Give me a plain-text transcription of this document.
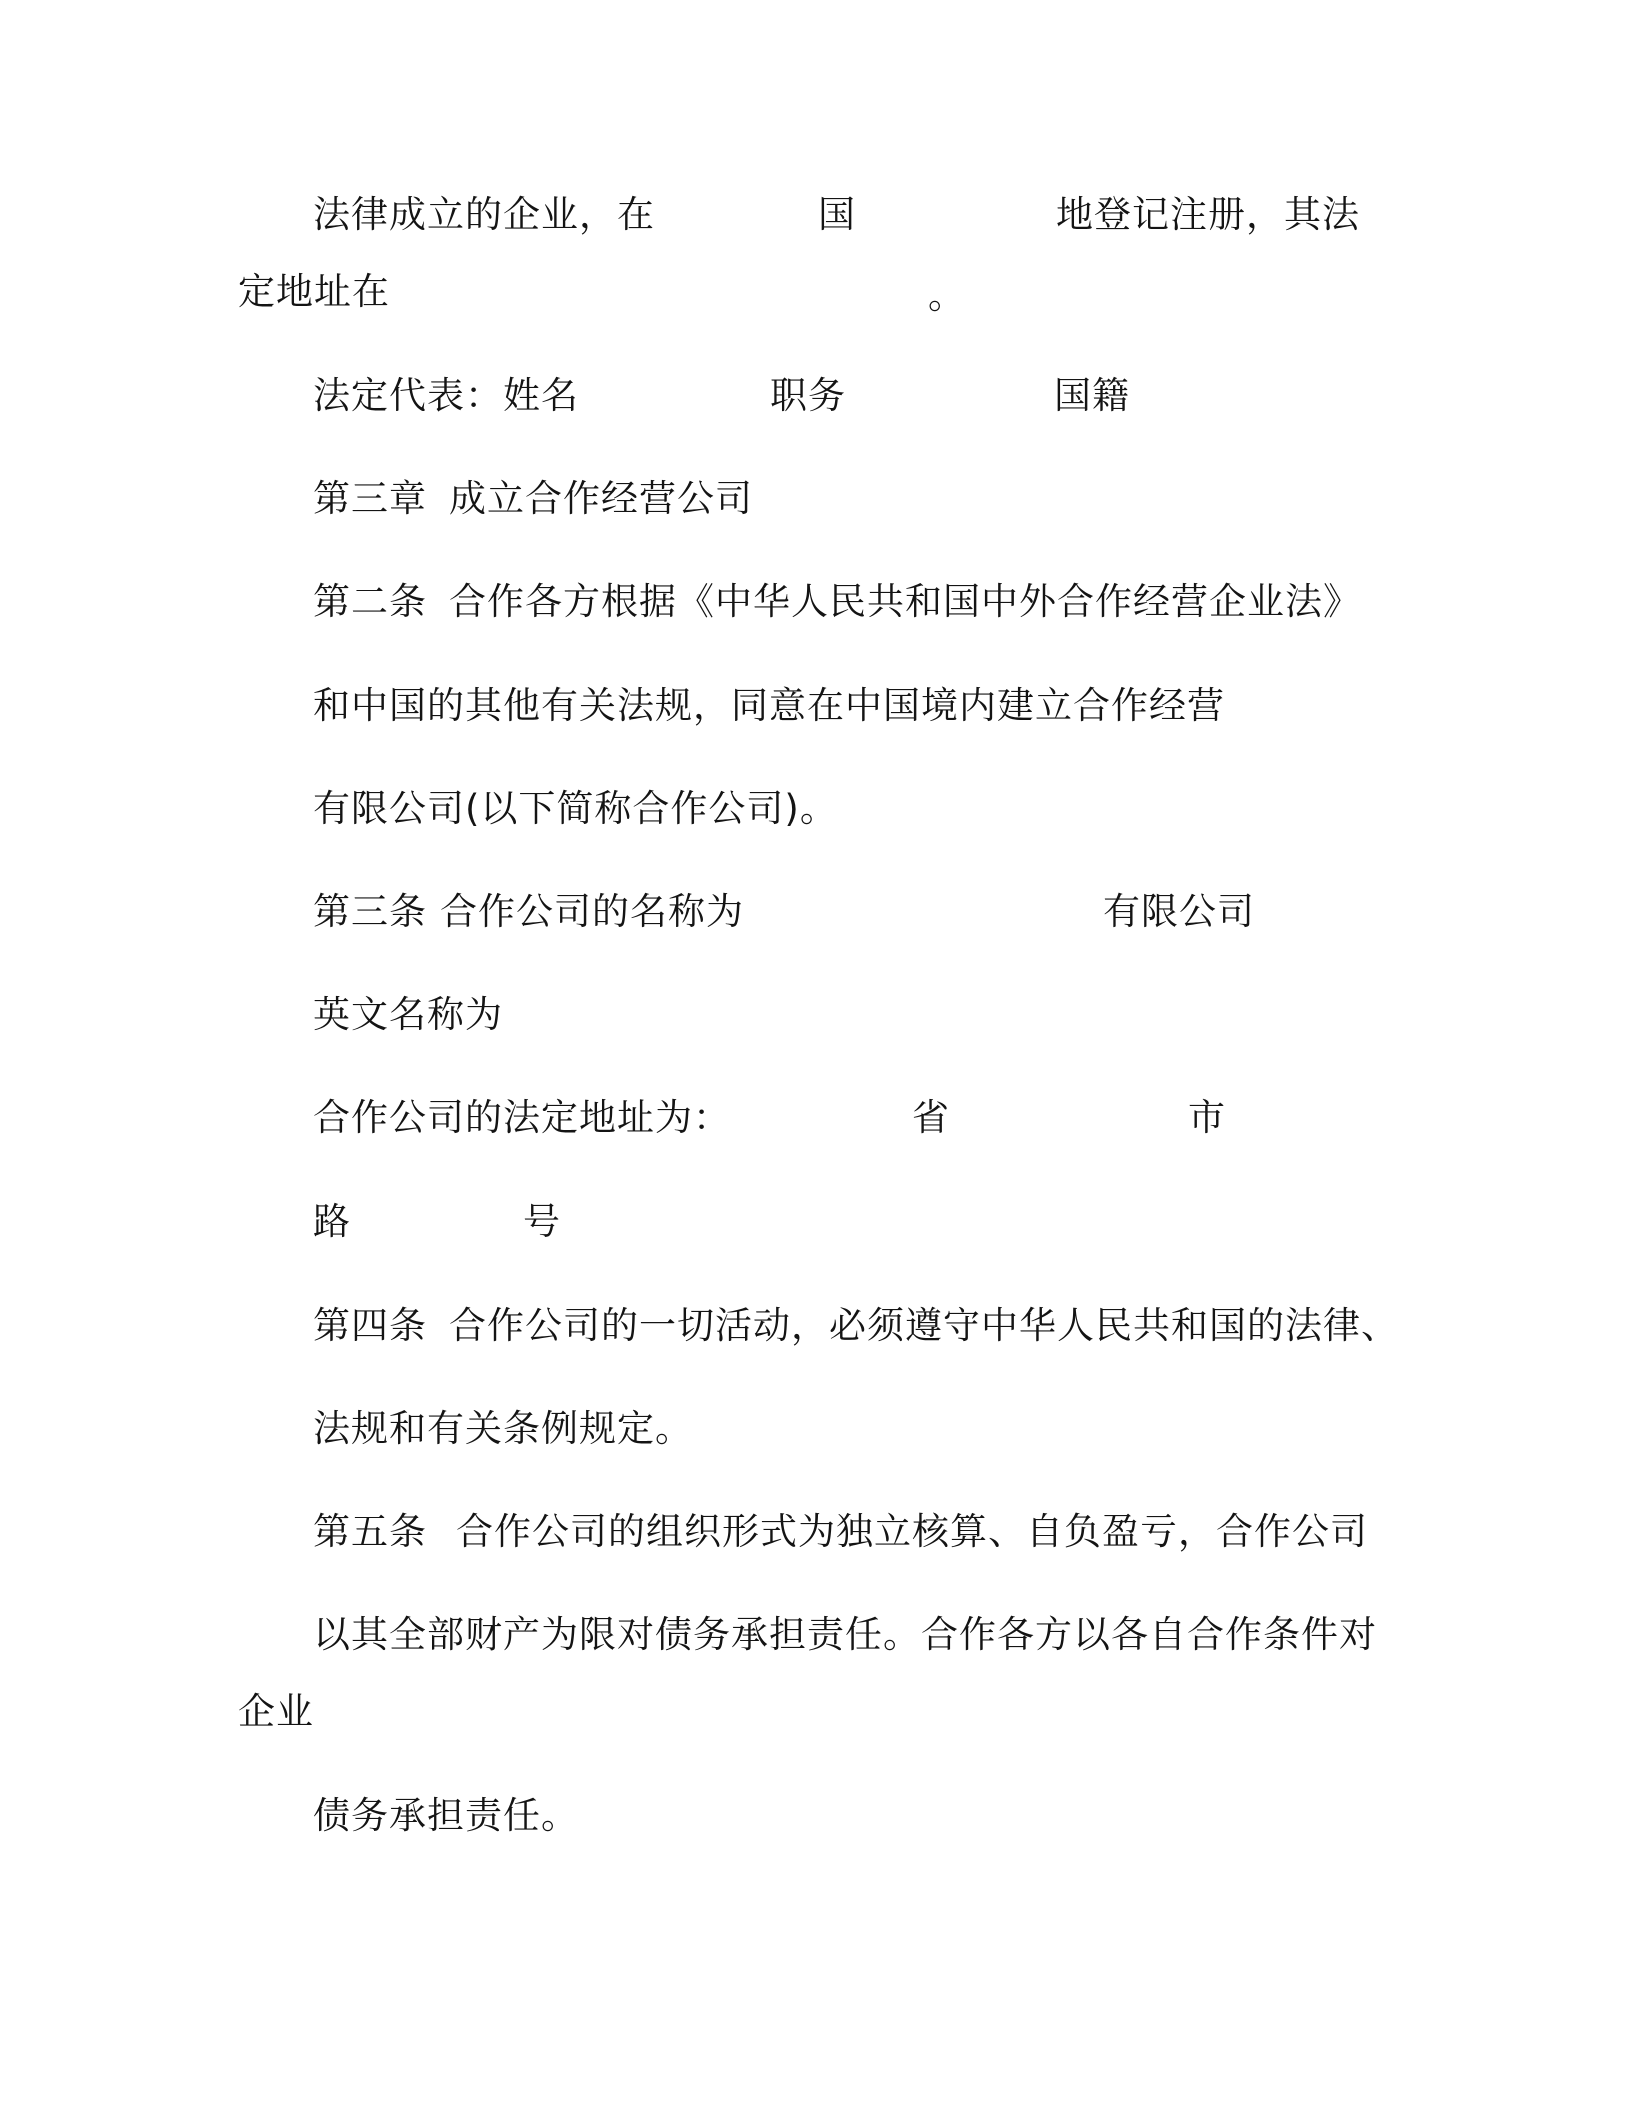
法律成立的企业，在	国	地登记注册，其法
定地址在	。
法定代表：姓名	职务	国籍
第三章 成立合作经营公司
第二条 合作各方根据《中华人民共和国中外合作经营企业法》
和中国的其他有关法规，同意在中国境内建立合作经营
有限公司(以下简称合作公司)。
第三条 合作公司的名称为	有限公司
英文名称为
合作公司的法定地址为：	省	市
路	号
第四条 合作公司的一切活动，必须遵守中华人民共和国的法律、
法规和有关条例规定。
第五条 合作公司的组织形式为独立核算、自负盈亏，合作公司
以其全部财产为限对债务承担责任。合作各方以各自合作条件对
企业
债务承担责任。
